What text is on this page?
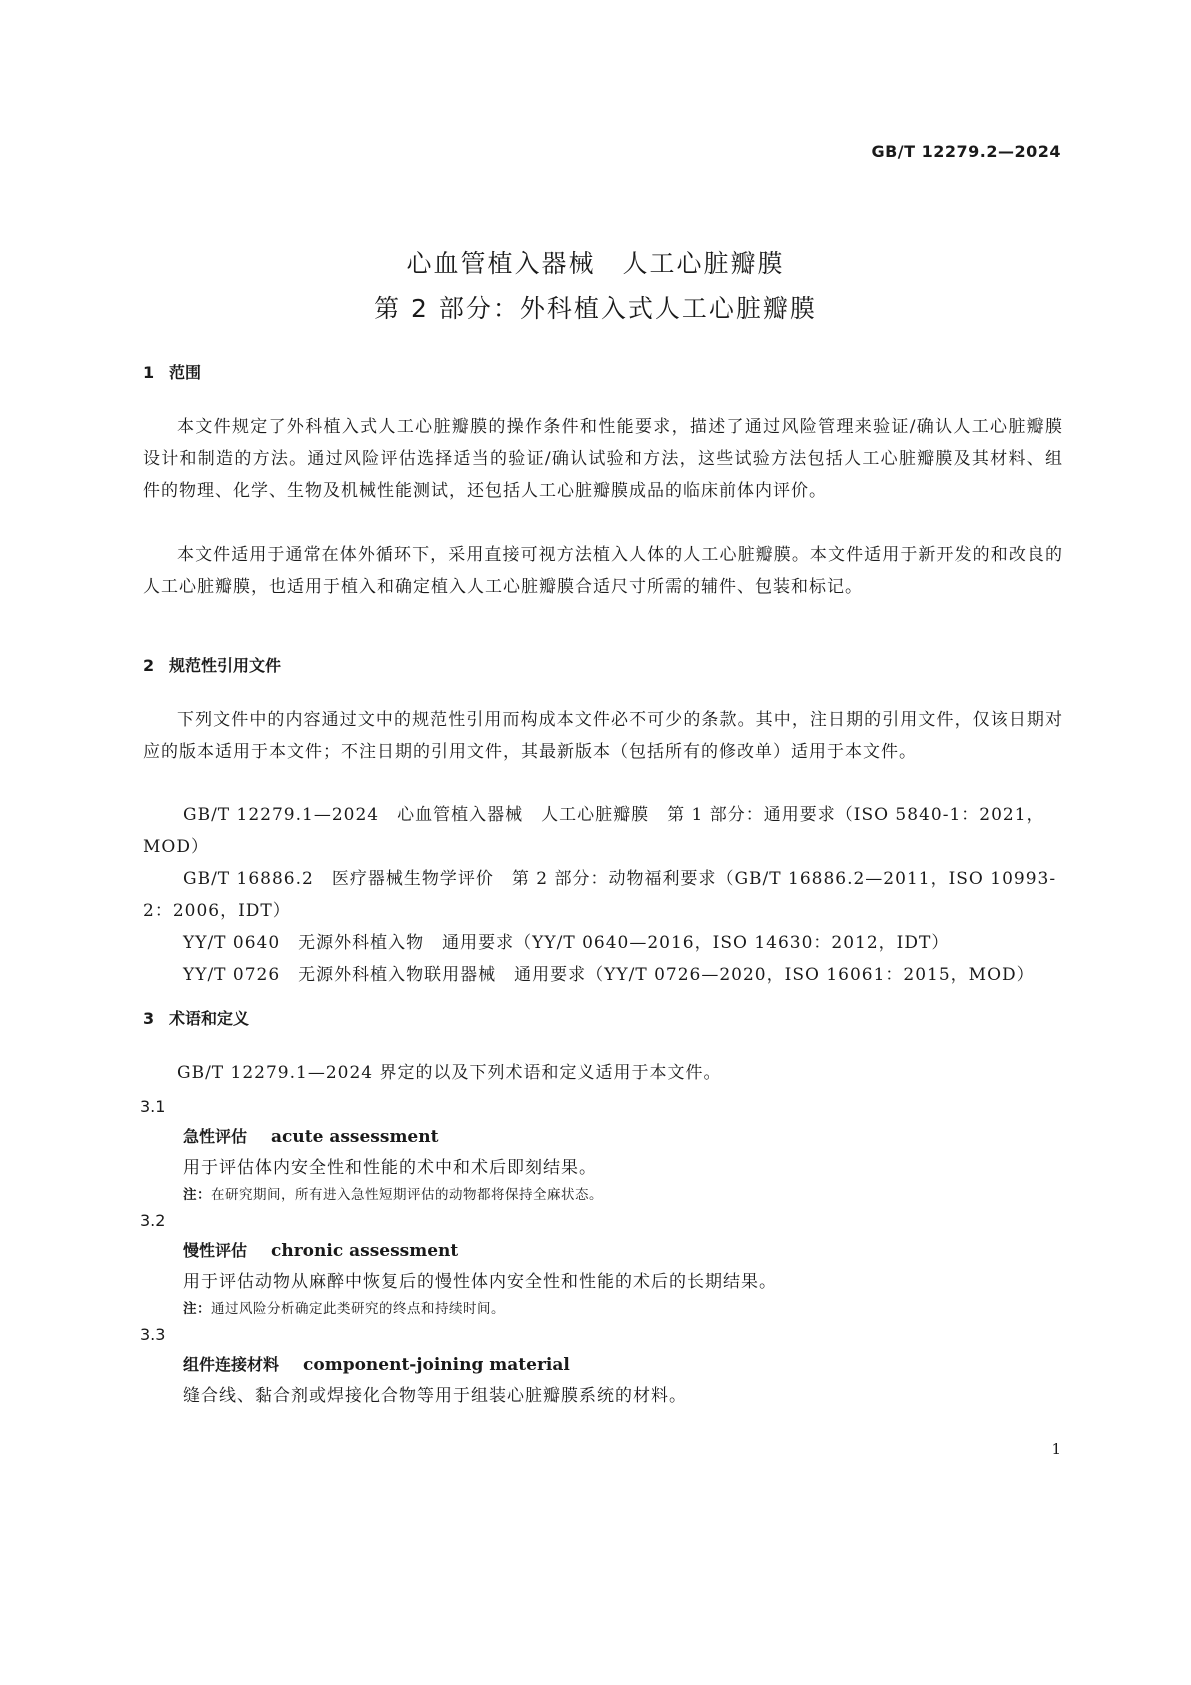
GB/T 12279.2—2024
心血管植入器械　人工心脏瓣膜
第 2 部分：外科植入式人工心脏瓣膜
1 范围
本文件规定了外科植入式人工心脏瓣膜的操作条件和性能要求，描述了通过风险管理来验证/确认人工心脏瓣膜设计和制造的方法。通过风险评估选择适当的验证/确认试验和方法，这些试验方法包括人工心脏瓣膜及其材料、组件的物理、化学、生物及机械性能测试，还包括人工心脏瓣膜成品的临床前体内评价。
本文件适用于通常在体外循环下，采用直接可视方法植入人体的人工心脏瓣膜。本文件适用于新开发的和改良的人工心脏瓣膜，也适用于植入和确定植入人工心脏瓣膜合适尺寸所需的辅件、包装和标记。
2 规范性引用文件
下列文件中的内容通过文中的规范性引用而构成本文件必不可少的条款。其中，注日期的引用文件，仅该日期对应的版本适用于本文件；不注日期的引用文件，其最新版本（包括所有的修改单）适用于本文件。
GB/T 12279.1—2024　心血管植入器械　人工心脏瓣膜　第 1 部分：通用要求（ISO 5840-1：2021，MOD）
GB/T 16886.2　医疗器械生物学评价　第 2 部分：动物福利要求（GB/T 16886.2—2011，ISO 10993-2：2006，IDT）
YY/T 0640　无源外科植入物　通用要求（YY/T 0640—2016，ISO 14630：2012，IDT）
YY/T 0726　无源外科植入物联用器械　通用要求（YY/T 0726—2020，ISO 16061：2015，MOD）
3 术语和定义
GB/T 12279.1—2024 界定的以及下列术语和定义适用于本文件。
3.1
急性评估 acute assessment
用于评估体内安全性和性能的术中和术后即刻结果。
注：在研究期间，所有进入急性短期评估的动物都将保持全麻状态。
3.2
慢性评估 chronic assessment
用于评估动物从麻醉中恢复后的慢性体内安全性和性能的术后的长期结果。
注：通过风险分析确定此类研究的终点和持续时间。
3.3
组件连接材料 component-joining material
缝合线、黏合剂或焊接化合物等用于组装心脏瓣膜系统的材料。
1
